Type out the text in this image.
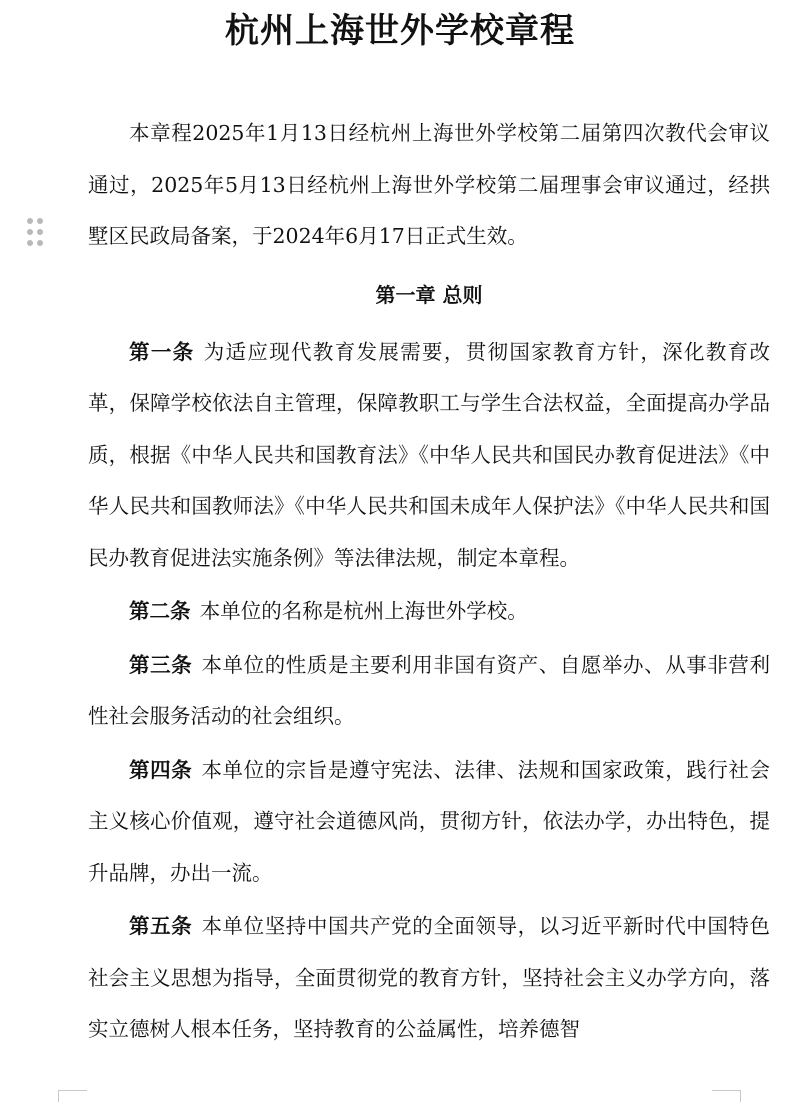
杭州上海世外学校章程

本章程2025年1月13日经杭州上海世外学校第二届第四次教代会审议通过，2025年5月13日经杭州上海世外学校第二届理事会审议通过，经拱墅区民政局备案，于2024年6月17日正式生效。

第一章 总则

第一条 为适应现代教育发展需要，贯彻国家教育方针，深化教育改革，保障学校依法自主管理，保障教职工与学生合法权益，全面提高办学品质，根据《中华人民共和国教育法》《中华人民共和国民办教育促进法》《中华人民共和国教师法》《中华人民共和国未成年人保护法》《中华人民共和国民办教育促进法实施条例》等法律法规，制定本章程。

第二条 本单位的名称是杭州上海世外学校。

第三条 本单位的性质是主要利用非国有资产、自愿举办、从事非营利性社会服务活动的社会组织。

第四条 本单位的宗旨是遵守宪法、法律、法规和国家政策，践行社会主义核心价值观，遵守社会道德风尚，贯彻方针，依法办学，办出特色，提升品牌，办出一流。

第五条 本单位坚持中国共产党的全面领导，以习近平新时代中国特色社会主义思想为指导，全面贯彻党的教育方针，坚持社会主义办学方向，落实立德树人根本任务，坚持教育的公益属性，培养德智
